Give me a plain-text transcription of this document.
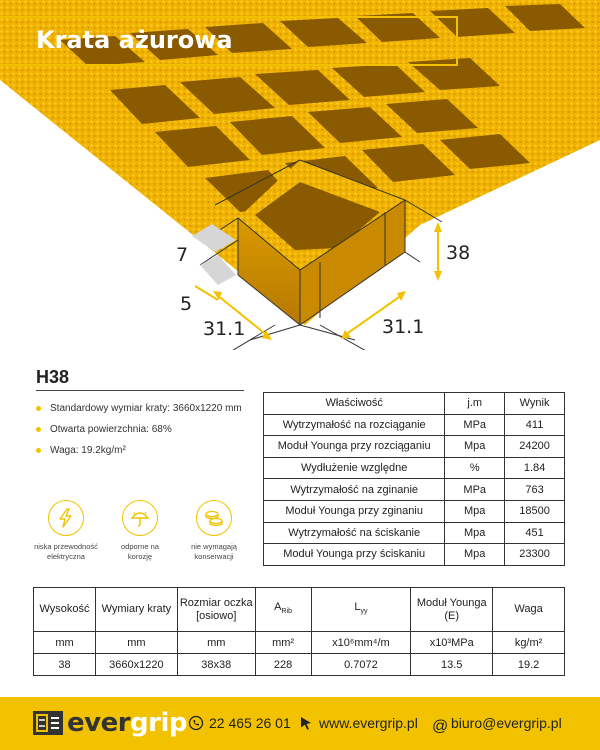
Krata ażurowa
7
5
38
31.1	31.1
H38
Standardowy wymiar kraty: 3660x1220 mm
Otwarta powierzchnia: 68%
Waga: 19.2kg/m²
niska przewodność
elektryczna
odporne na
korozję
nie wymagają
konserwacji
Właściwość	j.m	Wynik
Wytrzymałość na rozciąganie	MPa	411
Moduł Younga przy rozciąganiu	Mpa	24200
Wydłużenie względne	%	1.84
Wytrzymałość na zginanie	MPa	763
Moduł Younga przy zginaniu	Mpa	18500
Wytrzymałość na ściskanie	Mpa	451
Moduł Younga przy ściskaniu	Mpa	23300
Wysokość	Wymiary kraty	Rozmiar oczka [osiowo]	$A_{Rib}$	$L_{yy}$	Moduł Younga (E)	Waga
mm	mm	mm	mm²	x10⁶mm⁴/m	x10³MPa	kg/m²
38	3660x1220	38x38	228	0.7072	13.5	19.2
evergrip	22 465 26 01	www.evergrip.pl @ biuro@evergrip.pl
